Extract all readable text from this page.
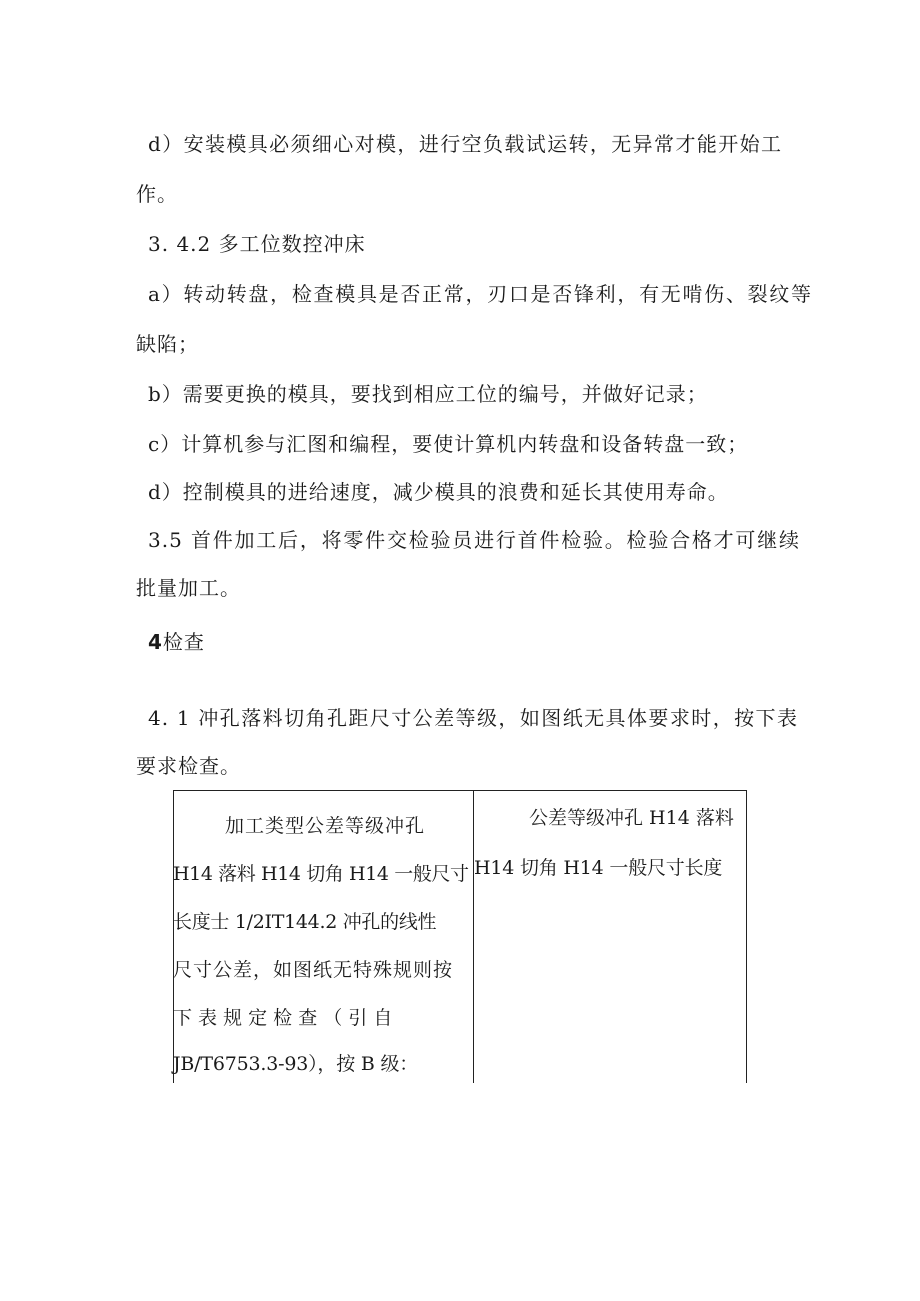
d）安装模具必须细心对模，进行空负载试运转，无异常才能开始工
作。
3. 4.2 多工位数控冲床
a）转动转盘，检查模具是否正常，刃口是否锋利，有无啃伤、裂纹等
缺陷；
b）需要更换的模具，要找到相应工位的编号，并做好记录；
c）计算机参与汇图和编程，要使计算机内转盘和设备转盘一致；
d）控制模具的进给速度，减少模具的浪费和延长其使用寿命。
3.5 首件加工后，将零件交检验员进行首件检验。检验合格才可继续
批量加工。
4检查
4. 1 冲孔落料切角孔距尺寸公差等级，如图纸无具体要求时，按下表
要求检查。
加工类型公差等级冲孔
H14 落料 H14 切角 H14 一般尺寸
长度士 1/2IT144.2 冲孔的线性
尺寸公差，如图纸无特殊规则按
下 表 规 定 检 查 （ 引 自
JB/T6753.3-93），按 B 级：
公差等级冲孔 H14 落料
H14 切角 H14 一般尺寸长度
